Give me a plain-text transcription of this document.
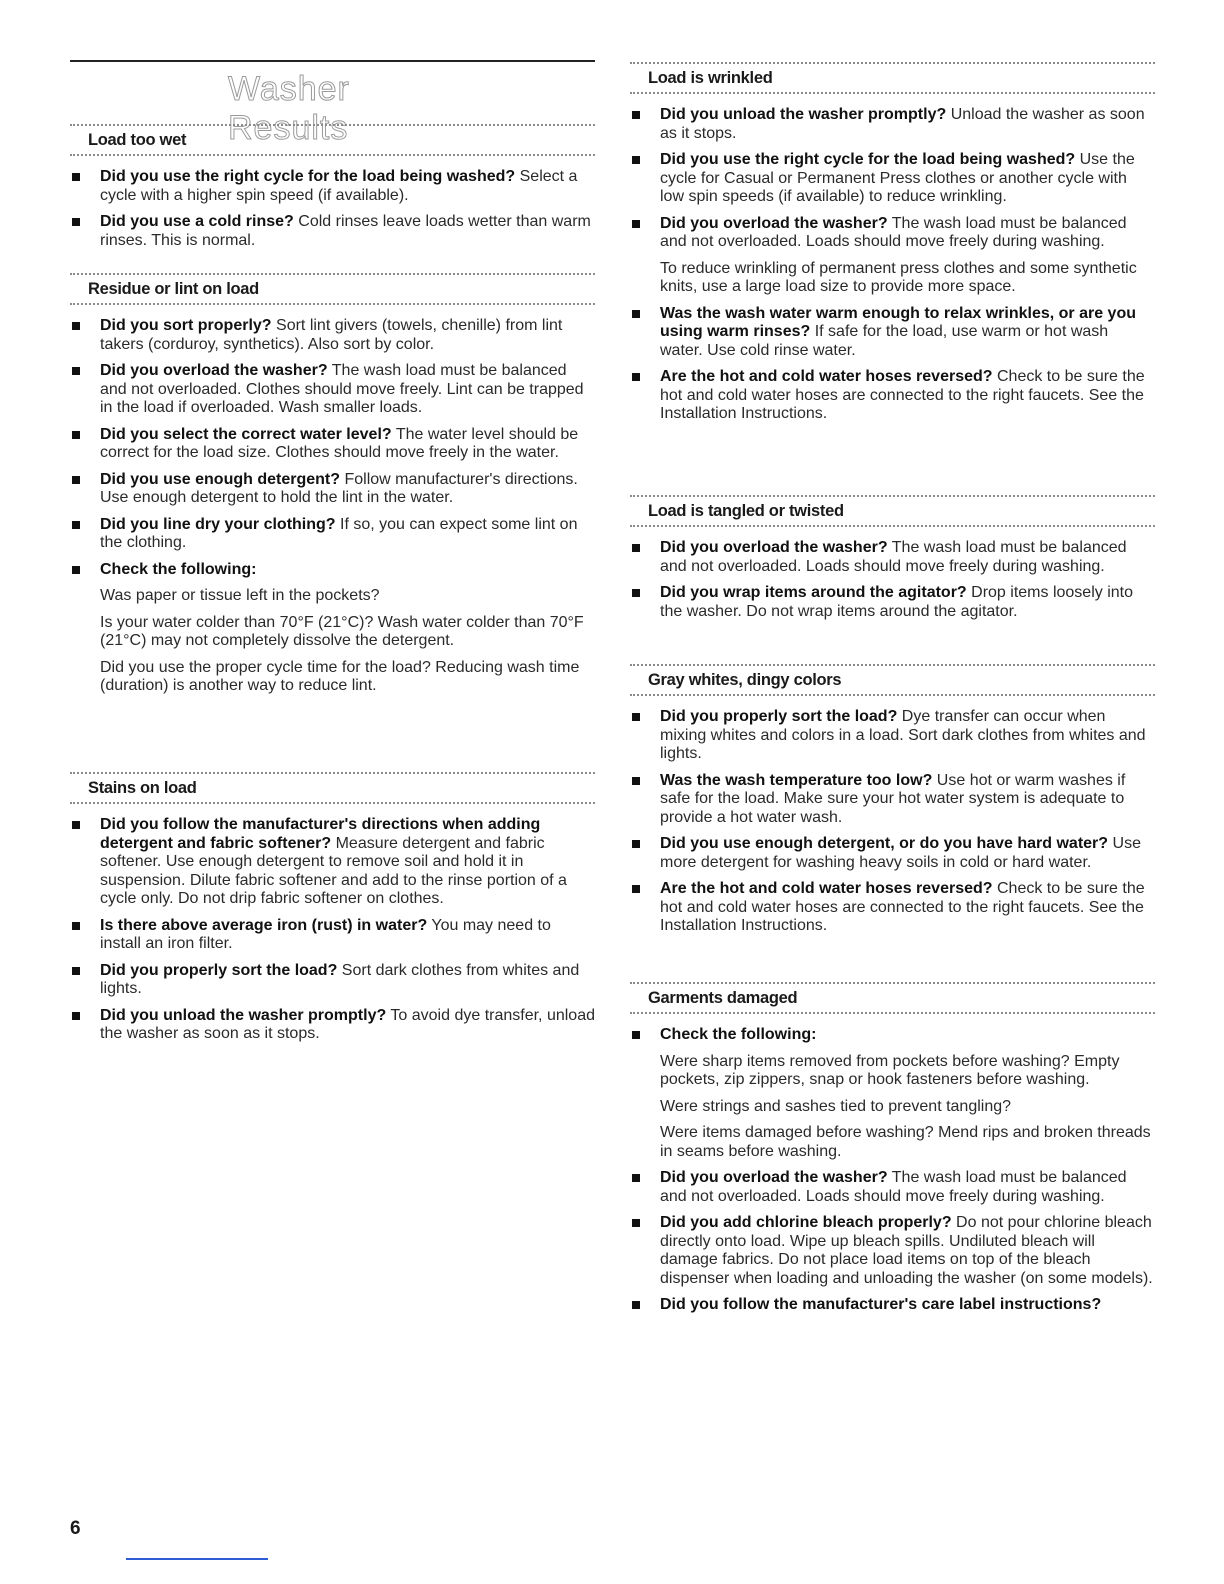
Washer Results
Load too wet
Did you use the right cycle for the load being washed? Select a cycle with a higher spin speed (if available).
Did you use a cold rinse? Cold rinses leave loads wetter than warm rinses. This is normal.
Residue or lint on load
Did you sort properly? Sort lint givers (towels, chenille) from lint takers (corduroy, synthetics). Also sort by color.
Did you overload the washer? The wash load must be balanced and not overloaded. Clothes should move freely. Lint can be trapped in the load if overloaded. Wash smaller loads.
Did you select the correct water level? The water level should be correct for the load size. Clothes should move freely in the water.
Did you use enough detergent? Follow manufacturer's directions. Use enough detergent to hold the lint in the water.
Did you line dry your clothing? If so, you can expect some lint on the clothing.
Check the following:
Was paper or tissue left in the pockets?
Is your water colder than 70°F (21°C)? Wash water colder than 70°F (21°C) may not completely dissolve the detergent.
Did you use the proper cycle time for the load? Reducing wash time (duration) is another way to reduce lint.
Stains on load
Did you follow the manufacturer's directions when adding detergent and fabric softener? Measure detergent and fabric softener. Use enough detergent to remove soil and hold it in suspension. Dilute fabric softener and add to the rinse portion of a cycle only. Do not drip fabric softener on clothes.
Is there above average iron (rust) in water? You may need to install an iron filter.
Did you properly sort the load? Sort dark clothes from whites and lights.
Did you unload the washer promptly? To avoid dye transfer, unload the washer as soon as it stops.
Load is wrinkled
Did you unload the washer promptly? Unload the washer as soon as it stops.
Did you use the right cycle for the load being washed? Use the cycle for Casual or Permanent Press clothes or another cycle with low spin speeds (if available) to reduce wrinkling.
Did you overload the washer? The wash load must be balanced and not overloaded. Loads should move freely during washing.
To reduce wrinkling of permanent press clothes and some synthetic knits, use a large load size to provide more space.
Was the wash water warm enough to relax wrinkles, or are you using warm rinses? If safe for the load, use warm or hot wash water. Use cold rinse water.
Are the hot and cold water hoses reversed? Check to be sure the hot and cold water hoses are connected to the right faucets. See the Installation Instructions.
Load is tangled or twisted
Did you overload the washer? The wash load must be balanced and not overloaded. Loads should move freely during washing.
Did you wrap items around the agitator? Drop items loosely into the washer. Do not wrap items around the agitator.
Gray whites, dingy colors
Did you properly sort the load? Dye transfer can occur when mixing whites and colors in a load. Sort dark clothes from whites and lights.
Was the wash temperature too low? Use hot or warm washes if safe for the load. Make sure your hot water system is adequate to provide a hot water wash.
Did you use enough detergent, or do you have hard water? Use more detergent for washing heavy soils in cold or hard water.
Are the hot and cold water hoses reversed? Check to be sure the hot and cold water hoses are connected to the right faucets. See the Installation Instructions.
Garments damaged
Check the following:
Were sharp items removed from pockets before washing? Empty pockets, zip zippers, snap or hook fasteners before washing.
Were strings and sashes tied to prevent tangling?
Were items damaged before washing? Mend rips and broken threads in seams before washing.
Did you overload the washer? The wash load must be balanced and not overloaded. Loads should move freely during washing.
Did you add chlorine bleach properly? Do not pour chlorine bleach directly onto load. Wipe up bleach spills. Undiluted bleach will damage fabrics. Do not place load items on top of the bleach dispenser when loading and unloading the washer (on some models).
Did you follow the manufacturer's care label instructions?
6
